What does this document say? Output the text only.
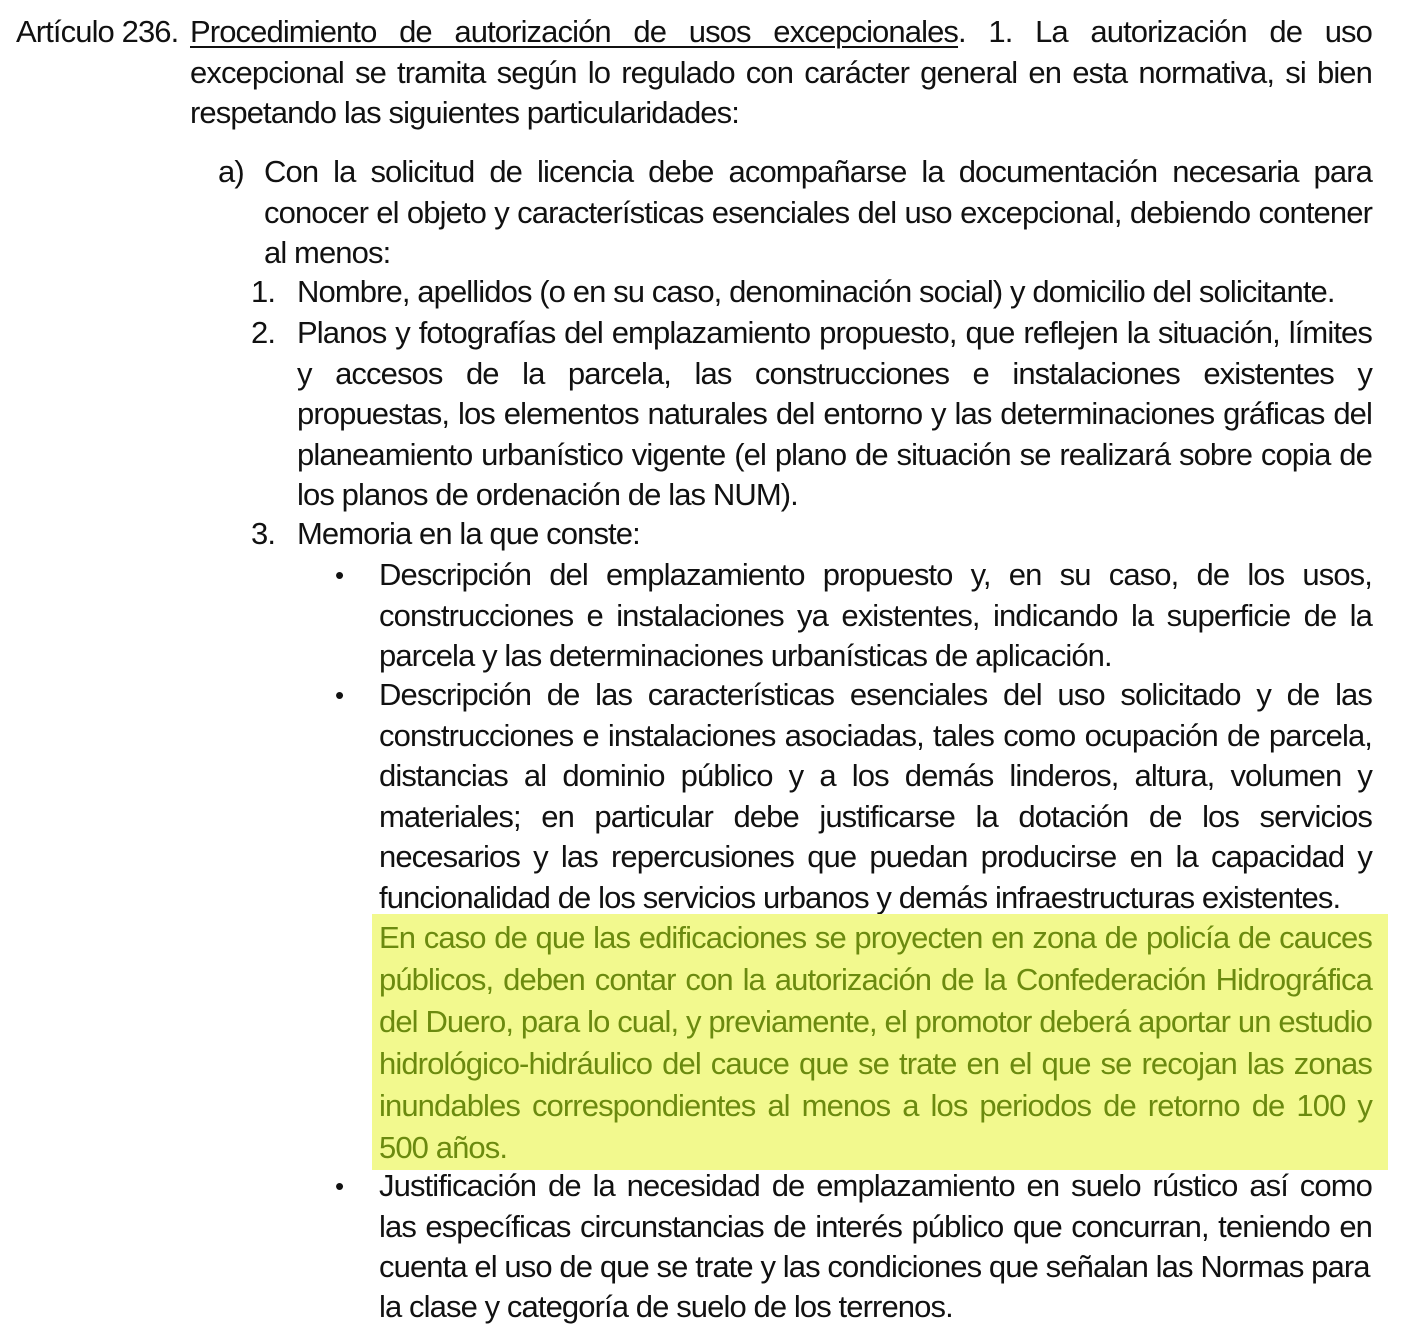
Artículo 236. Procedimiento de autorización de usos excepcionales. 1. La autorización de uso excepcional se tramita según lo regulado con carácter general en esta normativa, si bien respetando las siguientes particularidades:
a) Con la solicitud de licencia debe acompañarse la documentación necesaria para conocer el objeto y características esenciales del uso excepcional, debiendo contener al menos:
1. Nombre, apellidos (o en su caso, denominación social) y domicilio del solicitante.
2. Planos y fotografías del emplazamiento propuesto, que reflejen la situación, límites y accesos de la parcela, las construcciones e instalaciones existentes y propuestas, los elementos naturales del entorno y las determinaciones gráficas del planeamiento urbanístico vigente (el plano de situación se realizará sobre copia de los planos de ordenación de las NUM).
3. Memoria en la que conste:
• Descripción del emplazamiento propuesto y, en su caso, de los usos, construcciones e instalaciones ya existentes, indicando la superficie de la parcela y las determinaciones urbanísticas de aplicación.
• Descripción de las características esenciales del uso solicitado y de las construcciones e instalaciones asociadas, tales como ocupación de parcela, distancias al dominio público y a los demás linderos, altura, volumen y materiales; en particular debe justificarse la dotación de los servicios necesarios y las repercusiones que puedan producirse en la capacidad y funcionalidad de los servicios urbanos y demás infraestructuras existentes.
En caso de que las edificaciones se proyecten en zona de policía de cauces públicos, deben contar con la autorización de la Confederación Hidrográfica del Duero, para lo cual, y previamente, el promotor deberá aportar un estudio hidrológico-hidráulico del cauce que se trate en el que se recojan las zonas inundables correspondientes al menos a los periodos de retorno de 100 y 500 años.
• Justificación de la necesidad de emplazamiento en suelo rústico así como las específicas circunstancias de interés público que concurran, teniendo en cuenta el uso de que se trate y las condiciones que señalan las Normas para
la clase y categoría de suelo de los terrenos.
